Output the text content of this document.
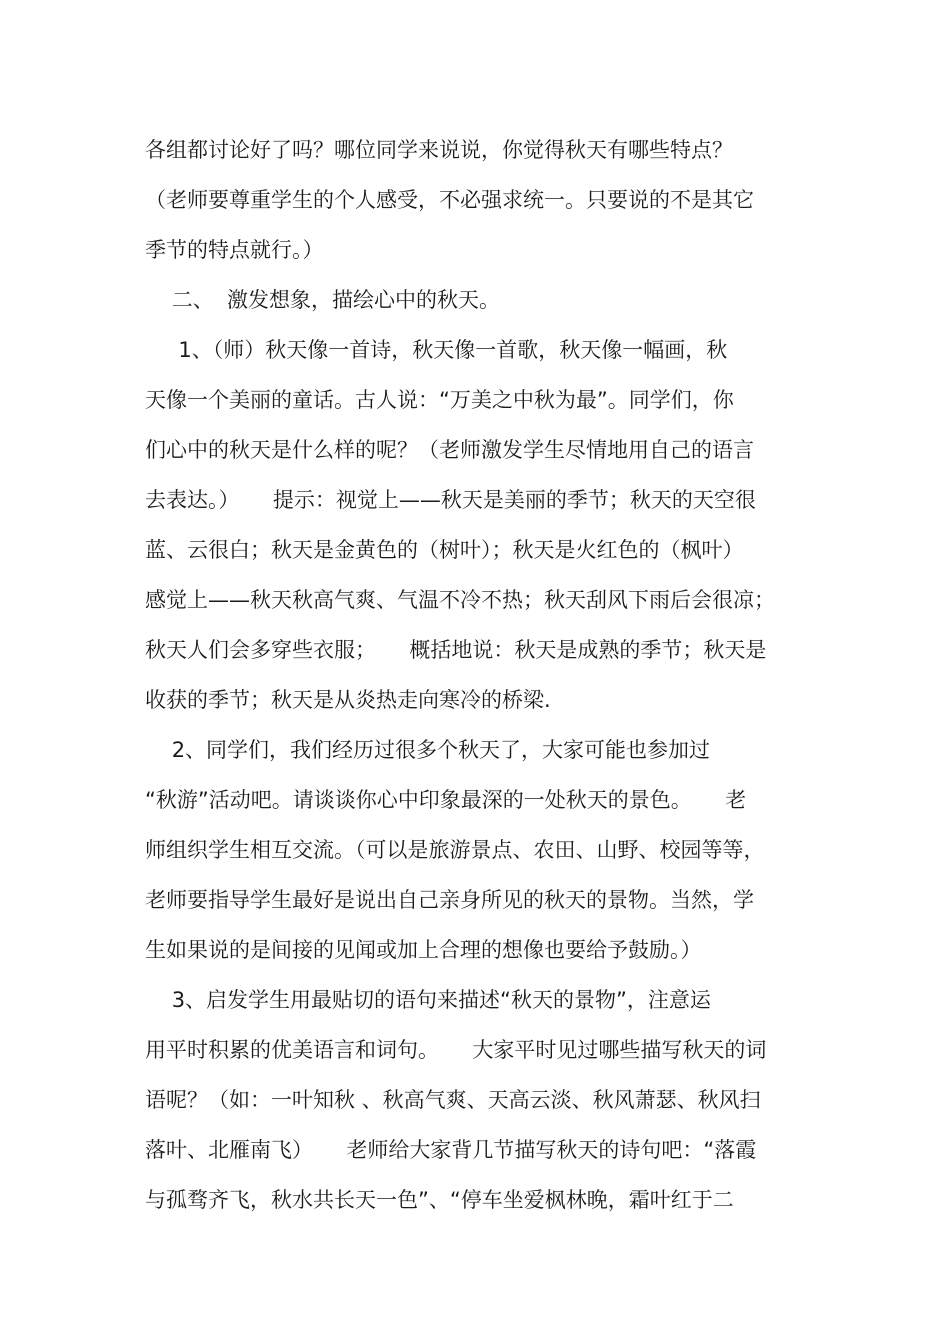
各组都讨论好了吗？哪位同学来说说，你觉得秋天有哪些特点？
（老师要尊重学生的个人感受，不必强求统一。只要说的不是其它
季节的特点就行。）
二、  激发想象，描绘心中的秋天。
1、（师）秋天像一首诗，秋天像一首歌，秋天像一幅画，秋
天像一个美丽的童话。古人说：“万美之中秋为最”。同学们，你
们心中的秋天是什么样的呢？（老师激发学生尽情地用自己的语言
去表达。）     提示：视觉上——秋天是美丽的季节；秋天的天空很
蓝、云很白；秋天是金黄色的（树叶）；秋天是火红色的（枫叶）
感觉上——秋天秋高气爽、气温不冷不热；秋天刮风下雨后会很凉；
秋天人们会多穿些衣服；     概括地说：秋天是成熟的季节；秋天是
收获的季节；秋天是从炎热走向寒冷的桥梁.
2、同学们，我们经历过很多个秋天了，大家可能也参加过
“秋游”活动吧。请谈谈你心中印象最深的一处秋天的景色。     老
师组织学生相互交流。（可以是旅游景点、农田、山野、校园等等，
老师要指导学生最好是说出自己亲身所见的秋天的景物。当然，学
生如果说的是间接的见闻或加上合理的想像也要给予鼓励。）
3、启发学生用最贴切的语句来描述“秋天的景物”，注意运
用平时积累的优美语言和词句。     大家平时见过哪些描写秋天的词
语呢？（如：一叶知秋 、秋高气爽、天高云淡、秋风萧瑟、秋风扫
落叶、北雁南飞）     老师给大家背几节描写秋天的诗句吧：“落霞
与孤骛齐飞，秋水共长天一色”、“停车坐爱枫林晚，霜叶红于二
